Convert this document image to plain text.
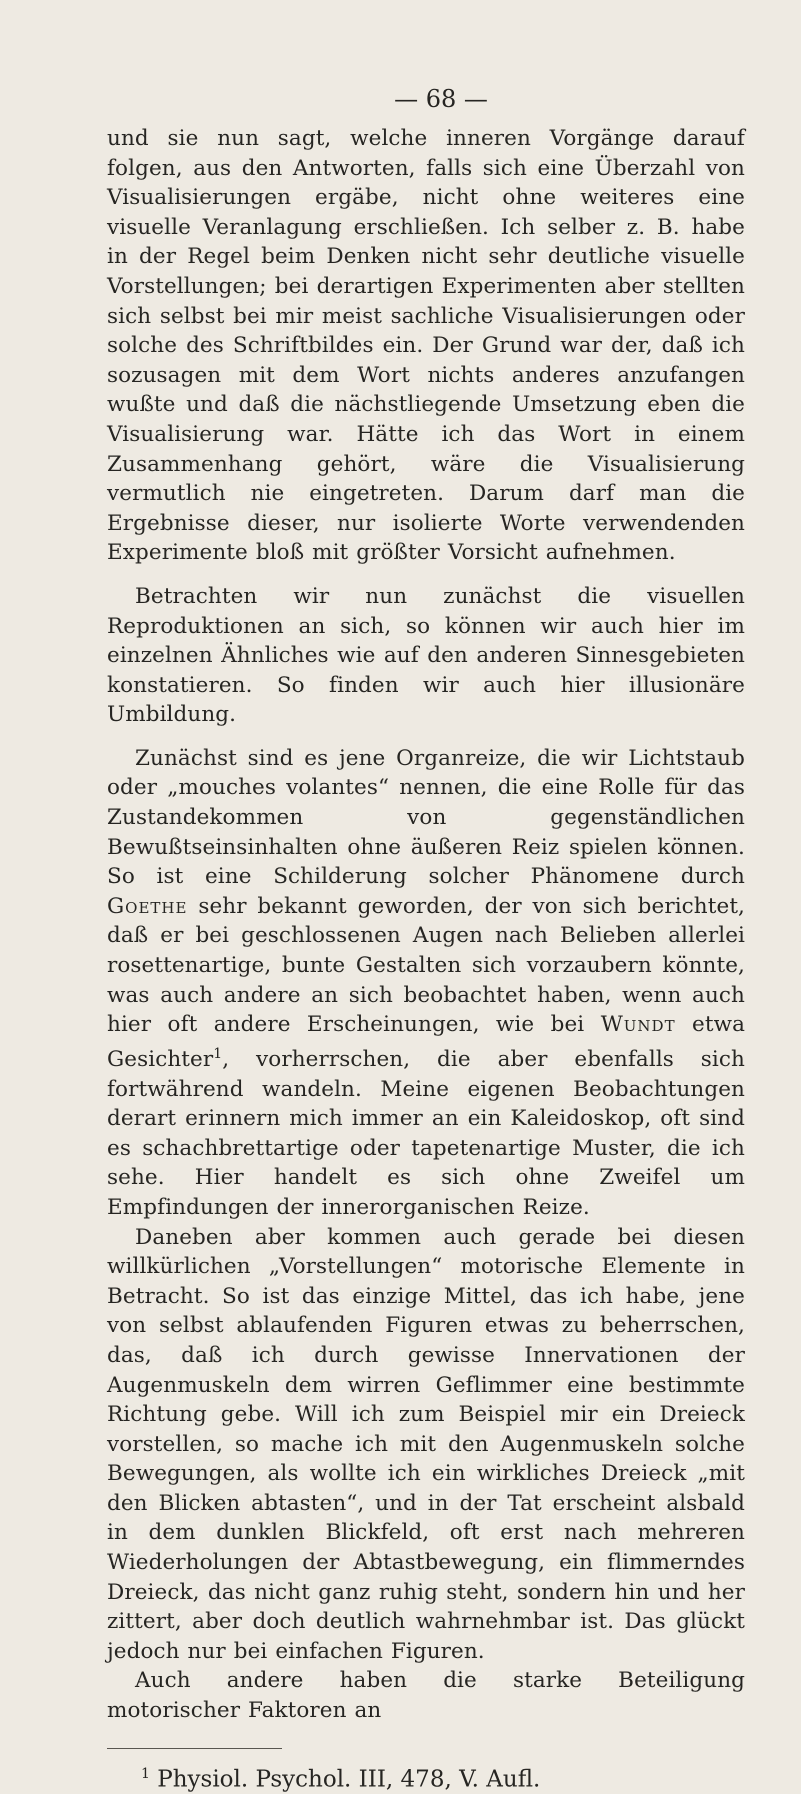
— 68 —

und sie nun sagt, welche inneren Vorgänge darauf folgen, aus den Antworten, falls sich eine Überzahl von Visualisierungen ergäbe, nicht ohne weiteres eine visuelle Veranlagung erschließen. Ich selber z. B. habe in der Regel beim Denken nicht sehr deutliche visuelle Vorstellungen; bei derartigen Experimenten aber stellten sich selbst bei mir meist sachliche Visualisierungen oder solche des Schriftbildes ein. Der Grund war der, daß ich sozusagen mit dem Wort nichts anderes anzufangen wußte und daß die nächstliegende Umsetzung eben die Visualisierung war. Hätte ich das Wort in einem Zusammenhang gehört, wäre die Visualisierung vermutlich nie eingetreten. Darum darf man die Ergebnisse dieser, nur isolierte Worte verwendenden Experimente bloß mit größter Vorsicht aufnehmen.

Betrachten wir nun zunächst die visuellen Reproduktionen an sich, so können wir auch hier im einzelnen Ähnliches wie auf den anderen Sinnesgebieten konstatieren. So finden wir auch hier illusionäre Umbildung.

Zunächst sind es jene Organreize, die wir Lichtstaub oder „mouches volantes“ nennen, die eine Rolle für das Zustandekommen von gegenständlichen Bewußtseinsinhalten ohne äußeren Reiz spielen können. So ist eine Schilderung solcher Phänomene durch Goethe sehr bekannt geworden, der von sich berichtet, daß er bei geschlossenen Augen nach Belieben allerlei rosettenartige, bunte Gestalten sich vorzaubern könnte, was auch andere an sich beobachtet haben, wenn auch hier oft andere Erscheinungen, wie bei Wundt etwa Gesichter$^1$, vorherrschen, die aber ebenfalls sich fortwährend wandeln. Meine eigenen Beobachtungen derart erinnern mich immer an ein Kaleidoskop, oft sind es schachbrettartige oder tapetenartige Muster, die ich sehe. Hier handelt es sich ohne Zweifel um Empfindungen der innerorganischen Reize.

Daneben aber kommen auch gerade bei diesen willkürlichen „Vorstellungen“ motorische Elemente in Betracht. So ist das einzige Mittel, das ich habe, jene von selbst ablaufenden Figuren etwas zu beherrschen, das, daß ich durch gewisse Innervationen der Augenmuskeln dem wirren Geflimmer eine bestimmte Richtung gebe. Will ich zum Beispiel mir ein Dreieck vorstellen, so mache ich mit den Augenmuskeln solche Bewegungen, als wollte ich ein wirkliches Dreieck „mit den Blicken abtasten“, und in der Tat erscheint alsbald in dem dunklen Blickfeld, oft erst nach mehreren Wiederholungen der Abtastbewegung, ein flimmerndes Dreieck, das nicht ganz ruhig steht, sondern hin und her zittert, aber doch deutlich wahrnehmbar ist. Das glückt jedoch nur bei einfachen Figuren.

Auch andere haben die starke Beteiligung motorischer Faktoren an

$^1$ Physiol. Psychol. III, 478, V. Aufl.
